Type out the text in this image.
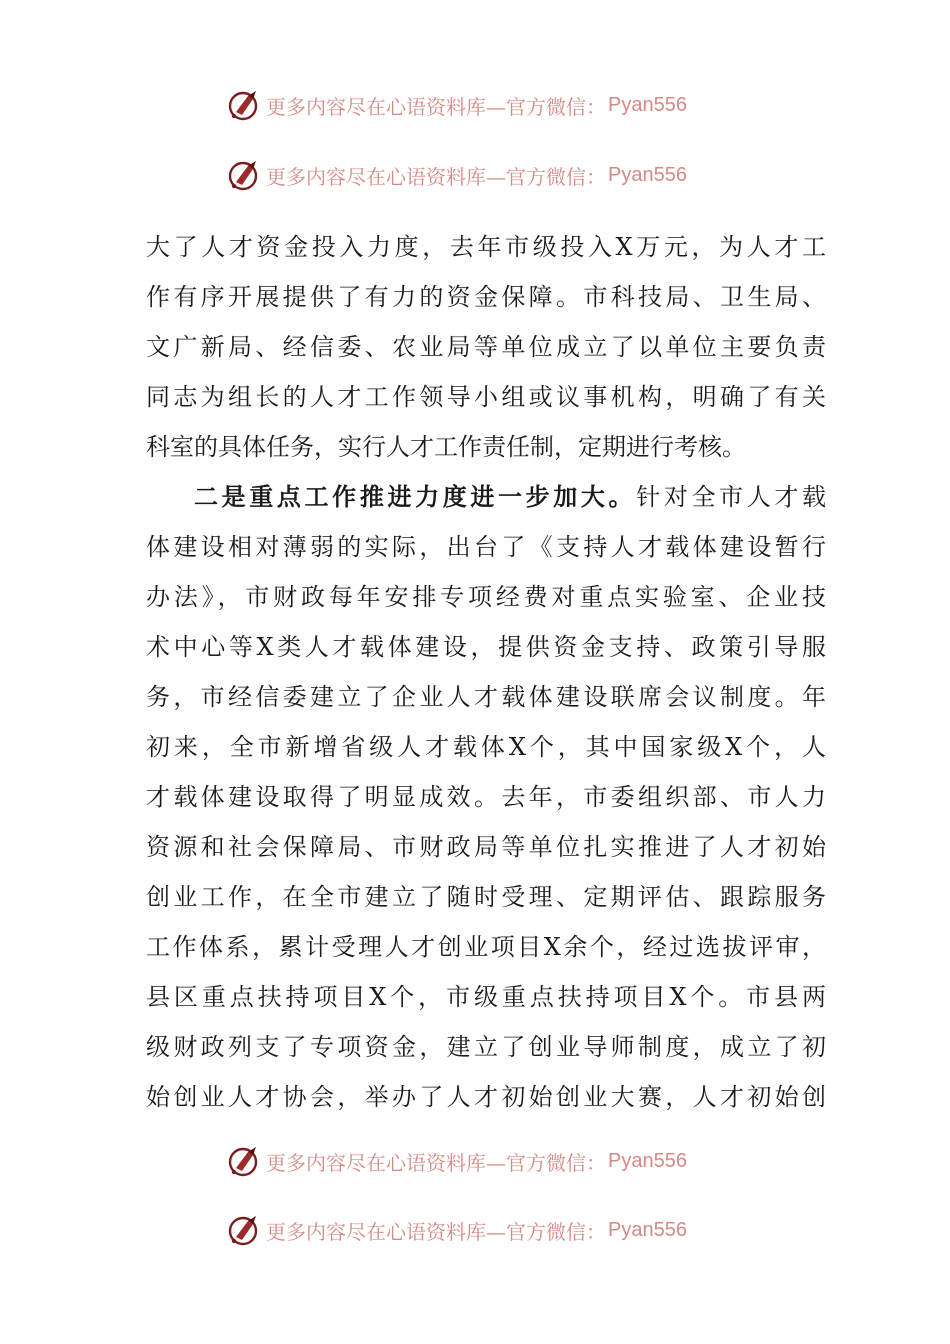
更多内容尽在心语资料库—官方微信： Pyan556
更多内容尽在心语资料库—官方微信： Pyan556
大了人才资金投入力度，去年市级投入X万元，为人才工
作有序开展提供了有力的资金保障。市科技局、卫生局、
文广新局、经信委、农业局等单位成立了以单位主要负责
同志为组长的人才工作领导小组或议事机构，明确了有关
科室的具体任务，实行人才工作责任制，定期进行考核。
二是重点工作推进力度进一步加大。针对全市人才载
体建设相对薄弱的实际，出台了《支持人才载体建设暂行
办法》，市财政每年安排专项经费对重点实验室、企业技
术中心等X类人才载体建设，提供资金支持、政策引导服
务，市经信委建立了企业人才载体建设联席会议制度。年
初来，全市新增省级人才载体X个，其中国家级X个，人
才载体建设取得了明显成效。去年，市委组织部、市人力
资源和社会保障局、市财政局等单位扎实推进了人才初始
创业工作，在全市建立了随时受理、定期评估、跟踪服务
工作体系，累计受理人才创业项目X余个，经过选拔评审，
县区重点扶持项目X个，市级重点扶持项目X个。市县两
级财政列支了专项资金，建立了创业导师制度，成立了初
始创业人才协会，举办了人才初始创业大赛，人才初始创
更多内容尽在心语资料库—官方微信： Pyan556
更多内容尽在心语资料库—官方微信： Pyan556
